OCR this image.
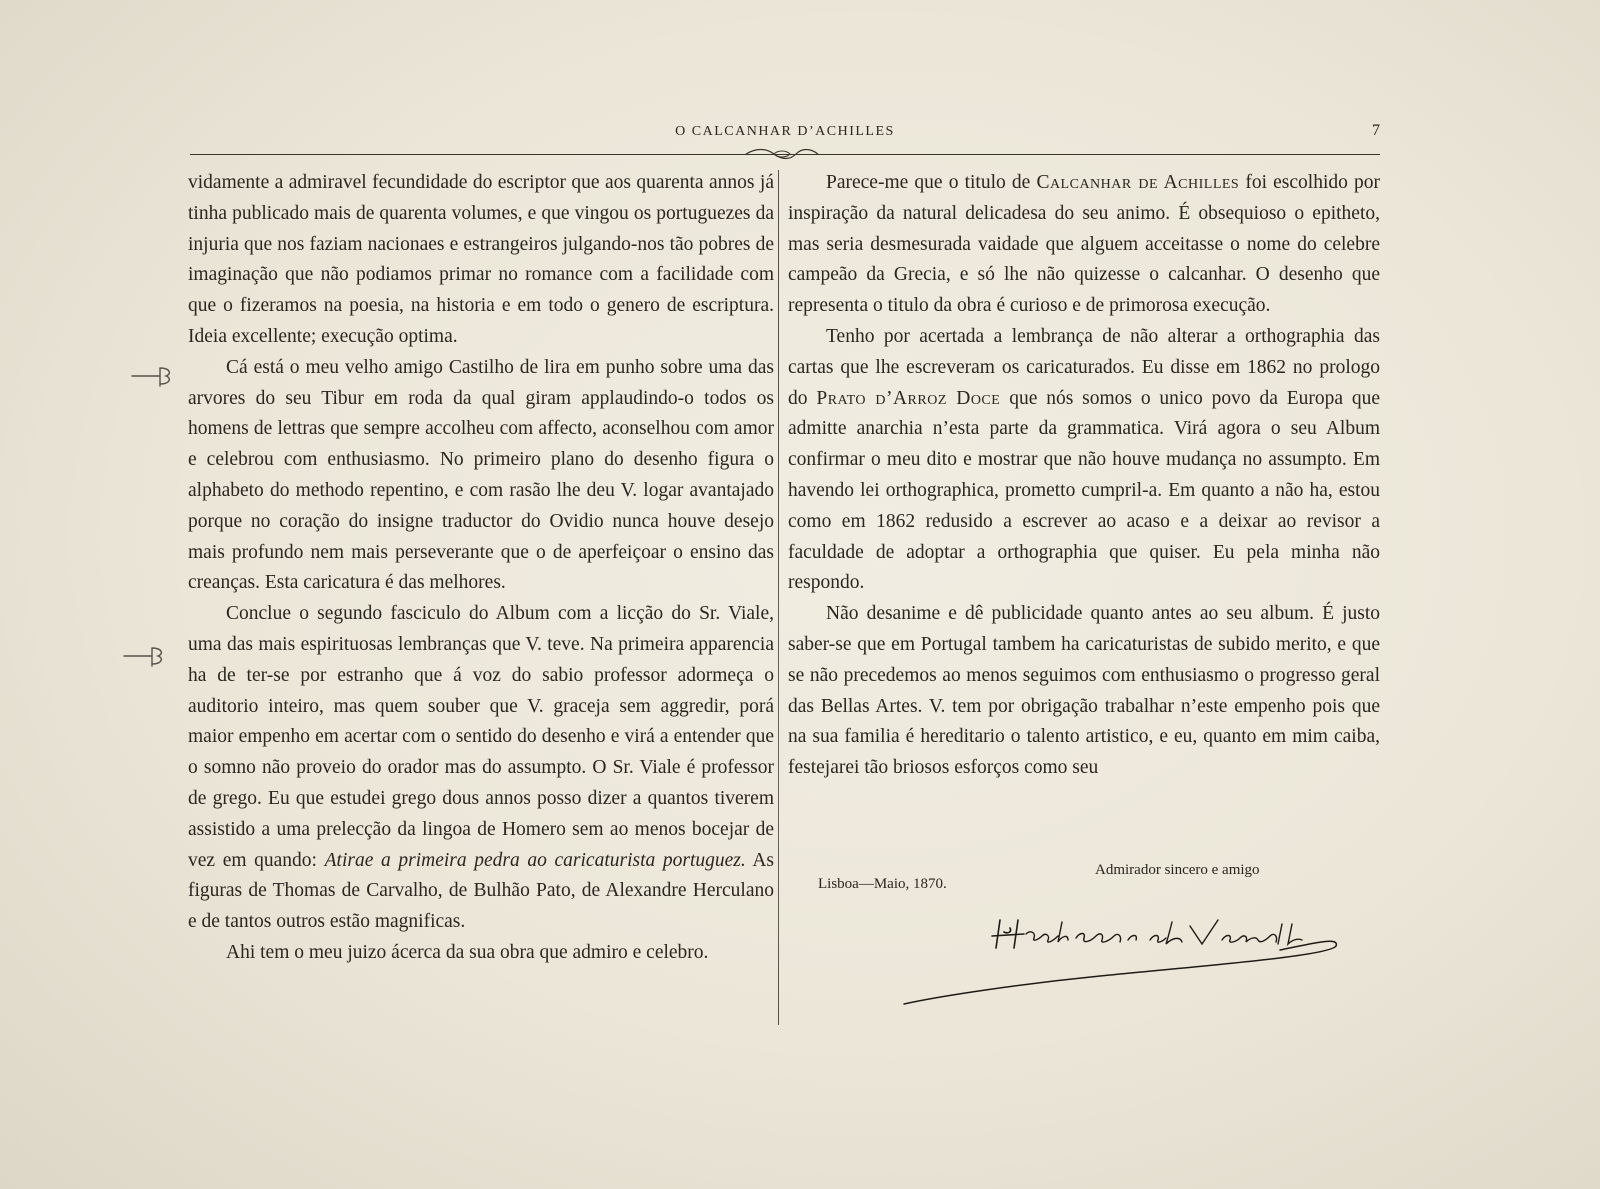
O CALCANHAR D’ACHILLES	7

vidamente a admiravel fecundidade do escriptor que aos quarenta annos já tinha publicado mais de quarenta volumes, e que vingou os portuguezes da injuria que nos faziam nacionaes e estrangeiros julgando-nos tão pobres de imaginação que não podiamos primar no romance com a facilidade com que o fizeramos na poesia, na historia e em todo o genero de escriptura. Ideia excellente; execução optima.

Cá está o meu velho amigo Castilho de lira em punho sobre uma das arvores do seu Tibur em roda da qual giram applaudindo-o todos os homens de lettras que sempre accolheu com affecto, aconselhou com amor e celebrou com enthusiasmo. No primeiro plano do desenho figura o alphabeto do methodo repentino, e com rasão lhe deu V. logar avantajado porque no coração do insigne traductor do Ovidio nunca houve desejo mais profundo nem mais perseverante que o de aperfeiçoar o ensino das creanças. Esta caricatura é das melhores.

Conclue o segundo fasciculo do Album com a licção do Sr. Viale, uma das mais espirituosas lembranças que V. teve. Na primeira apparencia ha de ter-se por estranho que á voz do sabio professor adormeça o auditorio inteiro, mas quem souber que V. graceja sem aggredir, porá maior empenho em acertar com o sentido do desenho e virá a entender que o somno não proveio do orador mas do assumpto. O Sr. Viale é professor de grego. Eu que estudei grego dous annos posso dizer a quantos tiverem assistido a uma prelecção da lingoa de Homero sem ao menos bocejar de vez em quando: Atirae a primeira pedra ao caricaturista portuguez. As figuras de Thomas de Carvalho, de Bulhão Pato, de Alexandre Herculano e de tantos outros estão magnificas.

Ahi tem o meu juizo ácerca da sua obra que admiro e celebro.

Parece-me que o titulo de Calcanhar de Achilles foi escolhido por inspiração da natural delicadesa do seu animo. É obsequioso o epitheto, mas seria desmesurada vaidade que alguem acceitasse o nome do celebre campeão da Grecia, e só lhe não quizesse o calcanhar. O desenho que representa o titulo da obra é curioso e de primorosa execução.

Tenho por acertada a lembrança de não alterar a orthographia das cartas que lhe escreveram os caricaturados. Eu disse em 1862 no prologo do Prato d’Arroz Doce que nós somos o unico povo da Europa que admitte anarchia n’esta parte da grammatica. Virá agora o seu Album confirmar o meu dito e mostrar que não houve mudança no assumpto. Em havendo lei orthographica, prometto cumpril-a. Em quanto a não ha, estou como em 1862 redusido a escrever ao acaso e a deixar ao revisor a faculdade de adoptar a orthographia que quiser. Eu pela minha não respondo.

Não desanime e dê publicidade quanto antes ao seu album. É justo saber-se que em Portugal tambem ha caricaturistas de subido merito, e que se não precedemos ao menos seguimos com enthusiasmo o progresso geral das Bellas Artes. V. tem por obrigação trabalhar n’este empenho pois que na sua familia é hereditario o talento artistico, e eu, quanto em mim caiba, festejarei tão briosos esforços como seu

Admirador sincero e amigo
Lisboa—Maio, 1870.
